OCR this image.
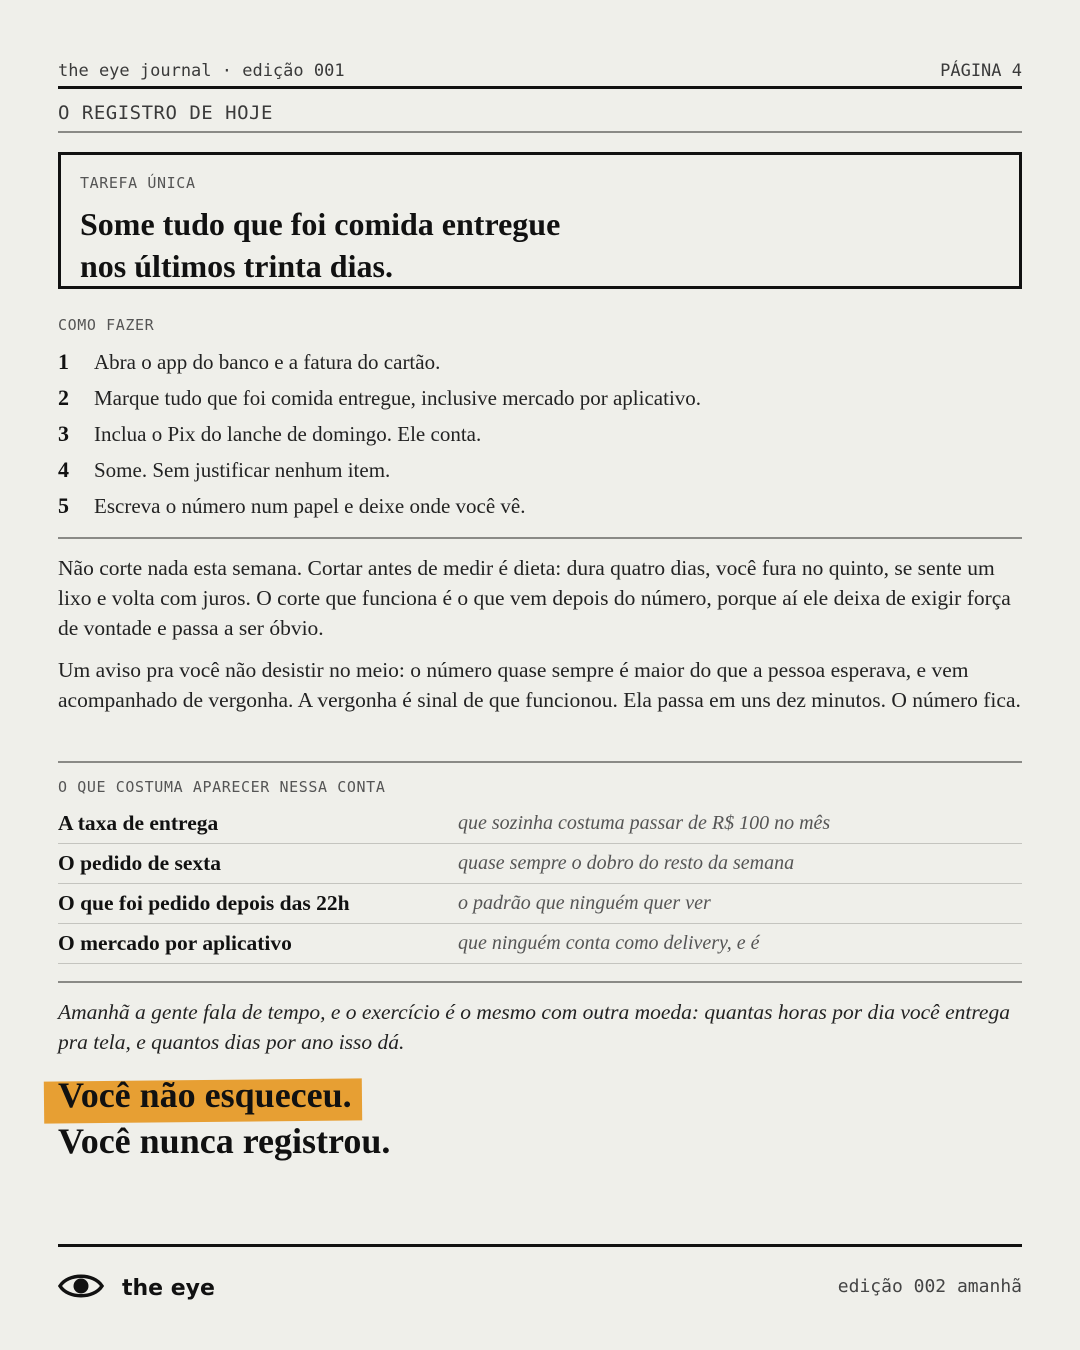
the eye journal · edição 001	PÁGINA 4
O REGISTRO DE HOJE
TAREFA ÚNICA
Some tudo que foi comida entregue
nos últimos trinta dias.
COMO FAZER
1	Abra o app do banco e a fatura do cartão.
2	Marque tudo que foi comida entregue, inclusive mercado por aplicativo.
3	Inclua o Pix do lanche de domingo. Ele conta.
4	Some. Sem justificar nenhum item.
5	Escreva o número num papel e deixe onde você vê.

Não corte nada esta semana. Cortar antes de medir é dieta: dura quatro dias, você fura no quinto, se sente um lixo e volta com juros. O corte que funciona é o que vem depois do número, porque aí ele deixa de exigir força de vontade e passa a ser óbvio.

Um aviso pra você não desistir no meio: o número quase sempre é maior do que a pessoa esperava, e vem acompanhado de vergonha. A vergonha é sinal de que funcionou. Ela passa em uns dez minutos. O número fica.

O QUE COSTUMA APARECER NESSA CONTA
A taxa de entrega	que sozinha costuma passar de R$ 100 no mês
O pedido de sexta	quase sempre o dobro do resto da semana
O que foi pedido depois das 22h	o padrão que ninguém quer ver
O mercado por aplicativo	que ninguém conta como delivery, e é

Amanhã a gente fala de tempo, e o exercício é o mesmo com outra moeda: quantas horas por dia você entrega pra tela, e quantos dias por ano isso dá.

Você não esqueceu.
Você nunca registrou.
the eye	edição 002 amanhã
